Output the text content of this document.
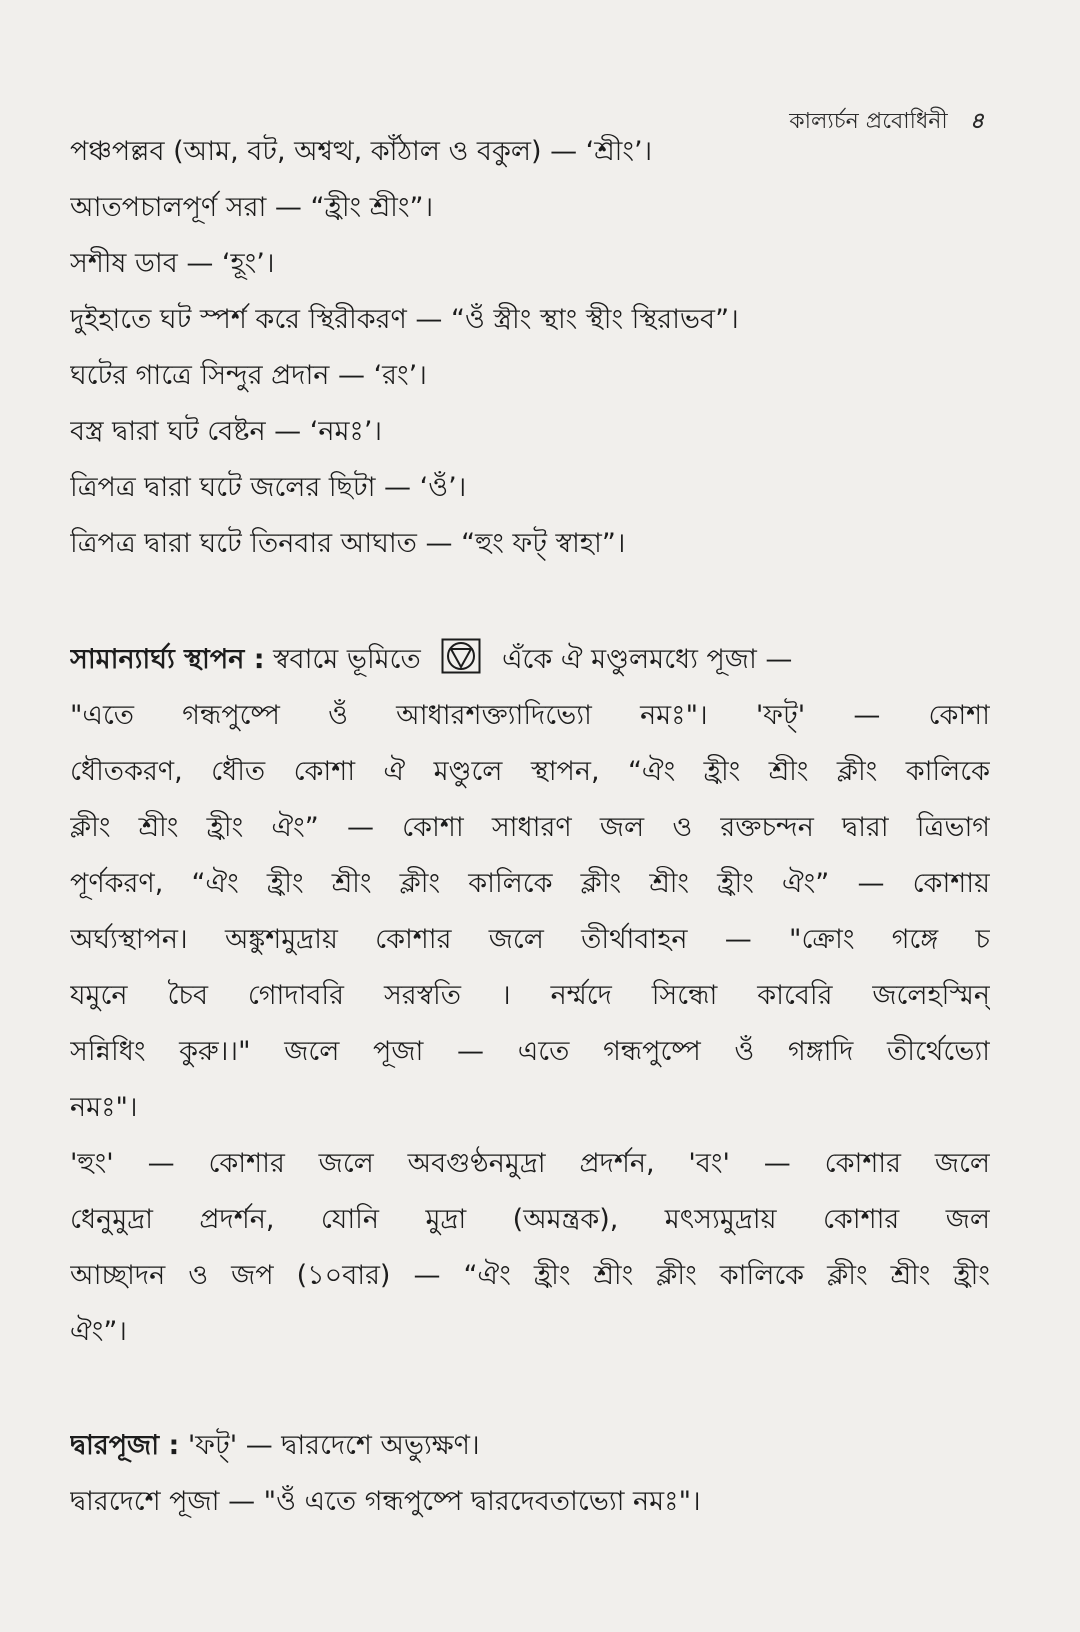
কাল্যর্চন প্রবোধিনী ৪
পঞ্চপল্লব (আম, বট, অশ্বত্থ, কাঁঠাল ও বকুল) — ‘শ্রীং’।
আতপচালপূর্ণ সরা — “হ্রীং শ্রীং”।
সশীষ ডাব — ‘হূং’।
দুইহাতে ঘট স্পর্শ করে স্থিরীকরণ — “ওঁ স্ত্রীং স্থাং স্থীং স্থিরাভব”।
ঘটের গাত্রে সিন্দুর প্রদান — ‘রং’।
বস্ত্র দ্বারা ঘট বেষ্টন — ‘নমঃ’।
ত্রিপত্র দ্বারা ঘটে জলের ছিটা — ‘ওঁ’।
ত্রিপত্র দ্বারা ঘটে তিনবার আঘাত — “হুং ফট্ স্বাহা”।
সামান্যার্ঘ্য স্থাপন : স্ববামে ভূমিতে	এঁকে ঐ মণ্ডুলমধ্যে পূজা —
"এতে গন্ধপুষ্পে ওঁ আধারশক্ত্যাদিভ্যো নমঃ"। 'ফট্' — কোশা
ধৌতকরণ, ধৌত কোশা ঐ মণ্ডুলে স্থাপন, “ঐং হ্রীং শ্রীং ক্লীং কালিকে
ক্লীং শ্রীং হ্রীং ঐং” — কোশা সাধারণ জল ও রক্তচন্দন দ্বারা ত্রিভাগ
পূর্ণকরণ, “ঐং হ্রীং শ্রীং ক্লীং কালিকে ক্লীং শ্রীং হ্রীং ঐং” — কোশায়
অর্ঘ্যস্থাপন। অঙ্কুশমুদ্রায় কোশার জলে তীর্থাবাহন — "ক্রোং গঙ্গে চ
যমুনে চৈব গোদাবরি সরস্বতি । নর্ম্মদে সিন্ধো কাবেরি জলেহস্মিন্
সন্নিধিং কুরু।।" জলে পূজা — এতে গন্ধপুষ্পে ওঁ গঙ্গাদি তীর্থেভ্যো
নমঃ"।
'হুং' — কোশার জলে অবগুণ্ঠনমুদ্রা প্রদর্শন, 'বং' — কোশার জলে
ধেনুমুদ্রা প্রদর্শন, যোনি মুদ্রা (অমন্ত্রক), মৎস্যমুদ্রায় কোশার জল
আচ্ছাদন ও জপ (১০বার) — “ঐং হ্রীং শ্রীং ক্লীং কালিকে ক্লীং শ্রীং হ্রীং
ঐং”।
দ্বারপূজা : 'ফট্' — দ্বারদেশে অভ্যুক্ষণ।
দ্বারদেশে পূজা — "ওঁ এতে গন্ধপুষ্পে দ্বারদেবতাভ্যো নমঃ"।
